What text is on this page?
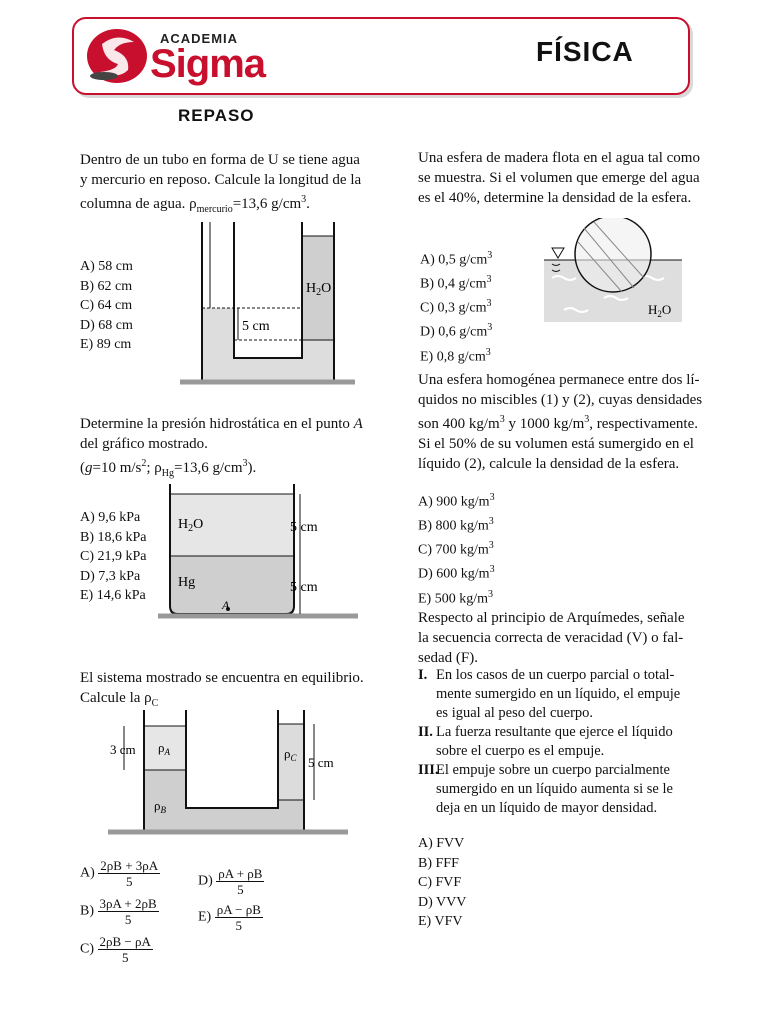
ACADEMIA
Sigma	FÍSICA
REPASO
Dentro de un tubo en forma de U se tiene agua
y mercurio en reposo. Calcule la longitud de la
columna de agua. $\rho_{mercurio}=13,6$ $g/cm^3$.
A) 58 cm
B) 62 cm
C) 64 cm
D) 68 cm
E) 89 cm
5 cm
$H_2O$
Determine la presión hidrostática en el punto A
del gráfico mostrado.
(g=10 $m/s^2$; $\rho_{Hg}=13,6$ $g/cm^3$).
A) 9,6 kPa
B) 18,6 kPa
C) 21,9 kPa
D) 7,3 kPa
E) 14,6 kPa
$H_2O$
Hg
5 cm
5 cm
A
El sistema mostrado se encuentra en equilibrio.
Calcule la $\rho_C$
3 cm
5 cm
$\rho_A$
$\rho_B$
$\rho_C$
$A) \frac{2\rho B + 3\rho A}{5}$
$B) \frac{3\rho A + 2\rho B}{5}$
$C) \frac{2\rho B - \rho A}{5}$
$D) \frac{\rho A + \rho B}{5}$
$E) \frac{\rho A - \rho B}{5}$
Una esfera de madera flota en el agua tal como
se muestra. Si el volumen que emerge del agua
es el 40%, determine la densidad de la esfera.
A) 0,5 $g/cm^3$
B) 0,4 $g/cm^3$
C) 0,3 $g/cm^3$
D) 0,6 $g/cm^3$
E) 0,8 $g/cm^3$
$H_2O$
Una esfera homogénea permanece entre dos lí-
quidos no miscibles (1) y (2), cuyas densidades
son 400 $kg/m^3$ y 1000 $kg/m^3$, respectivamente.
Si el 50% de su volumen está sumergido en el
líquido (2), calcule la densidad de la esfera.
A) 900 $kg/m^3$
B) 800 $kg/m^3$
C) 700 $kg/m^3$
D) 600 $kg/m^3$
E) 500 $kg/m^3$
Respecto al principio de Arquímedes, señale
la secuencia correcta de veracidad (V) o fal-
sedad (F).
I. En los casos de un cuerpo parcial o total-
mente sumergido en un líquido, el empuje
es igual al peso del cuerpo.
II. La fuerza resultante que ejerce el líquido
sobre el cuerpo es el empuje.
III.
El empuje sobre un cuerpo parcialmente
sumergido en un líquido aumenta si se le
deja en un líquido de mayor densidad.
A) FVV
B) FFF
C) FVF
D) VVV
E) VFV
